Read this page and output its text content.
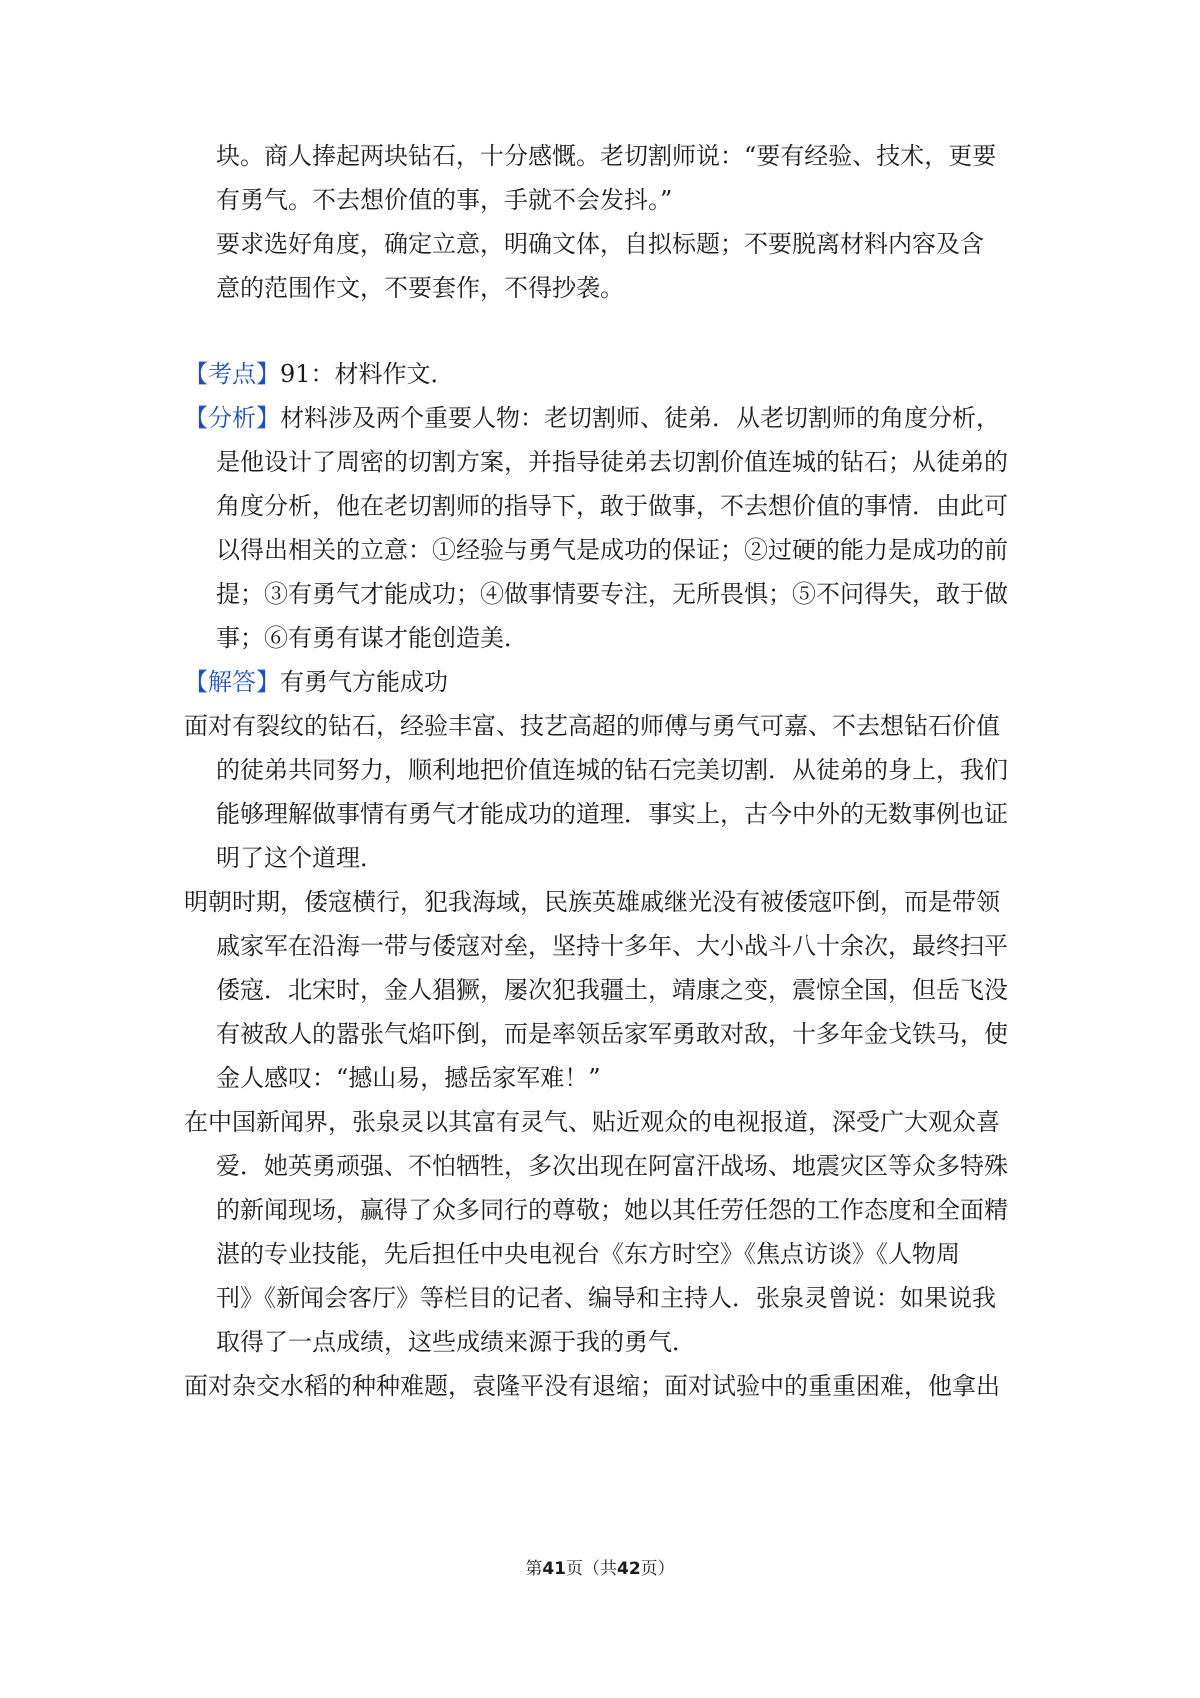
块。商人捧起两块钻石，十分感慨。老切割师说：“要有经验、技术，更要
有勇气。不去想价值的事，手就不会发抖。”
要求选好角度，确定立意，明确文体，自拟标题；不要脱离材料内容及含
意的范围作文，不要套作，不得抄袭。
【考点】91：材料作文．
【分析】材料涉及两个重要人物：老切割师、徒弟．从老切割师的角度分析，
是他设计了周密的切割方案，并指导徒弟去切割价值连城的钻石；从徒弟的
角度分析，他在老切割师的指导下，敢于做事，不去想价值的事情．由此可
以得出相关的立意：①经验与勇气是成功的保证；②过硬的能力是成功的前
提；③有勇气才能成功；④做事情要专注，无所畏惧；⑤不问得失，敢于做
事；⑥有勇有谋才能创造美．
【解答】有勇气方能成功
面对有裂纹的钻石，经验丰富、技艺高超的师傅与勇气可嘉、不去想钻石价值
的徒弟共同努力，顺利地把价值连城的钻石完美切割．从徒弟的身上，我们
能够理解做事情有勇气才能成功的道理．事实上，古今中外的无数事例也证
明了这个道理．
明朝时期，倭寇横行，犯我海域，民族英雄戚继光没有被倭寇吓倒，而是带领
戚家军在沿海一带与倭寇对垒，坚持十多年、大小战斗八十余次，最终扫平
倭寇．北宋时，金人猖獗，屡次犯我疆土，靖康之变，震惊全国，但岳飞没
有被敌人的嚣张气焰吓倒，而是率领岳家军勇敢对敌，十多年金戈铁马，使
金人感叹：“撼山易，撼岳家军难！”
在中国新闻界，张泉灵以其富有灵气、贴近观众的电视报道，深受广大观众喜
爱．她英勇顽强、不怕牺牲，多次出现在阿富汗战场、地震灾区等众多特殊
的新闻现场，赢得了众多同行的尊敬；她以其任劳任怨的工作态度和全面精
湛的专业技能，先后担任中央电视台《东方时空》《焦点访谈》《人物周
刊》《新闻会客厅》等栏目的记者、编导和主持人．张泉灵曾说：如果说我
取得了一点成绩，这些成绩来源于我的勇气．
面对杂交水稻的种种难题，袁隆平没有退缩；面对试验中的重重困难，他拿出
第41页（共42页）
